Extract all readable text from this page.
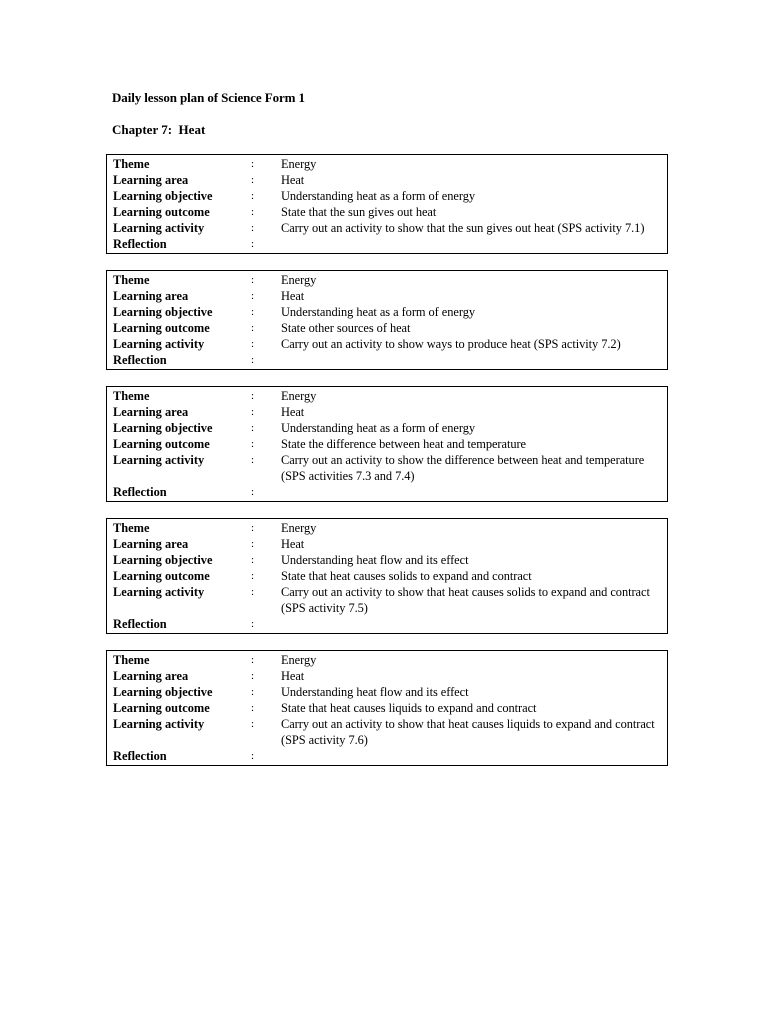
Daily lesson plan of Science Form 1
Chapter 7:  Heat
Theme	:	Energy
Learning area	:	Heat
Learning objective	:	Understanding heat as a form of energy
Learning outcome	:	State that the sun gives out heat
Learning activity	:	Carry out an activity to show that the sun gives out heat (SPS activity 7.1)
Reflection	:
Theme	:	Energy
Learning area	:	Heat
Learning objective	:	Understanding heat as a form of energy
Learning outcome	:	State other sources of heat
Learning activity	:	Carry out an activity to show ways to produce heat (SPS activity 7.2)
Reflection	:
Theme	:	Energy
Learning area	:	Heat
Learning objective	:	Understanding heat as a form of energy
Learning outcome	:	State the difference between heat and temperature
Learning activity	:	Carry out an activity to show the difference between heat and temperature (SPS activities 7.3 and 7.4)
Reflection	:
Theme	:	Energy
Learning area	:	Heat
Learning objective	:	Understanding heat flow and its effect
Learning outcome	:	State that heat causes solids to expand and contract
Learning activity	:	Carry out an activity to show that heat causes solids to expand and contract (SPS activity 7.5)
Reflection	:
Theme	:	Energy
Learning area	:	Heat
Learning objective	:	Understanding heat flow and its effect
Learning outcome	:	State that heat causes liquids to expand and contract
Learning activity	:	Carry out an activity to show that heat causes liquids to expand and contract (SPS activity 7.6)
Reflection	:
